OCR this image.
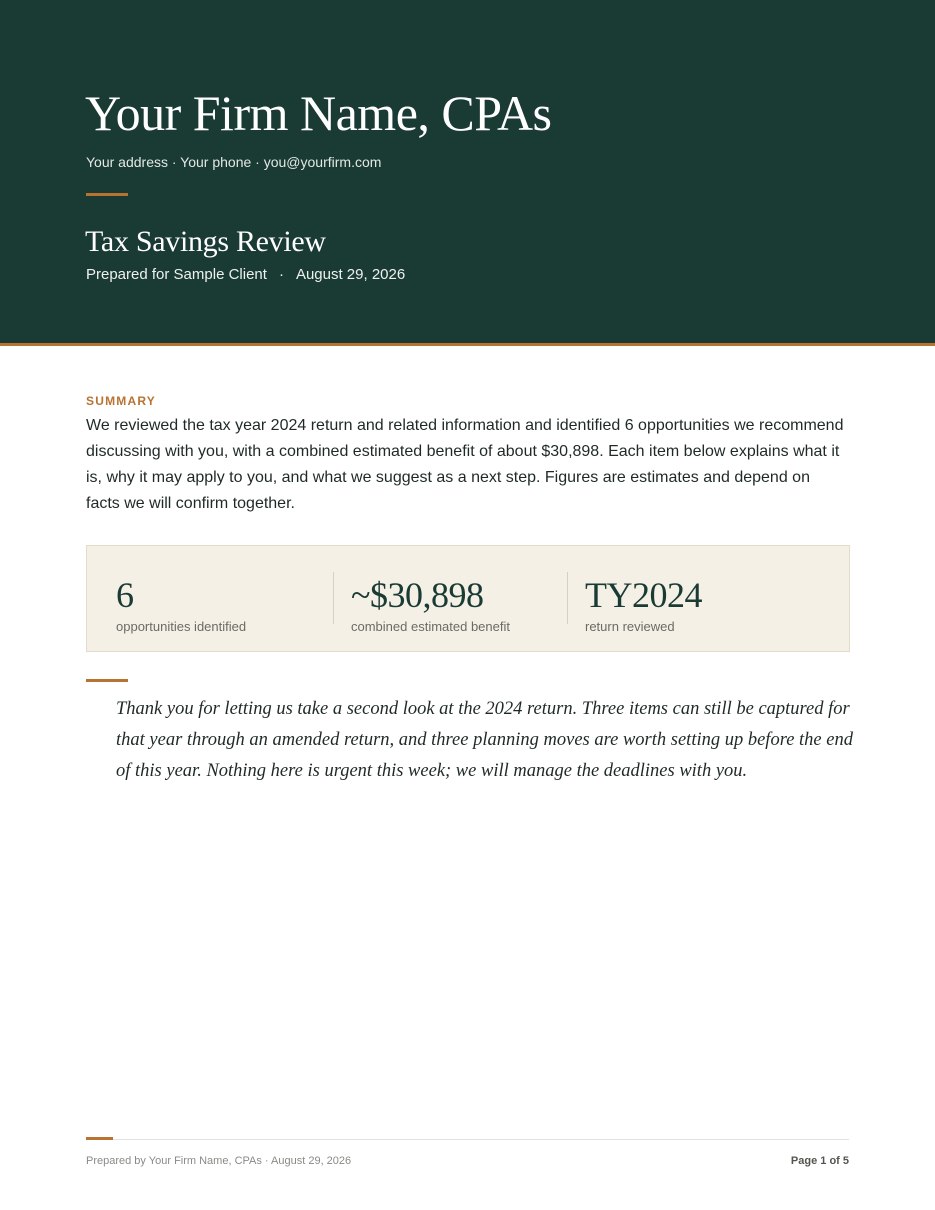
Your Firm Name, CPAs
Your address · Your phone · you@yourfirm.com
Tax Savings Review
Prepared for Sample Client · August 29, 2026
SUMMARY

We reviewed the tax year 2024 return and related information and identified 6 opportunities we recommend discussing with you, with a combined estimated benefit of about $30,898. Each item below explains what it is, why it may apply to you, and what we suggest as a next step. Figures are estimates and depend on facts we will confirm together.

6
opportunities identified
~$30,898
combined estimated benefit
TY2024
return reviewed

Thank you for letting us take a second look at the 2024 return. Three items can still be captured for that year through an amended return, and three planning moves are worth setting up before the end of this year. Nothing here is urgent this week; we will manage the deadlines with you.

Prepared by Your Firm Name, CPAs · August 29, 2026	Page 1 of 5
